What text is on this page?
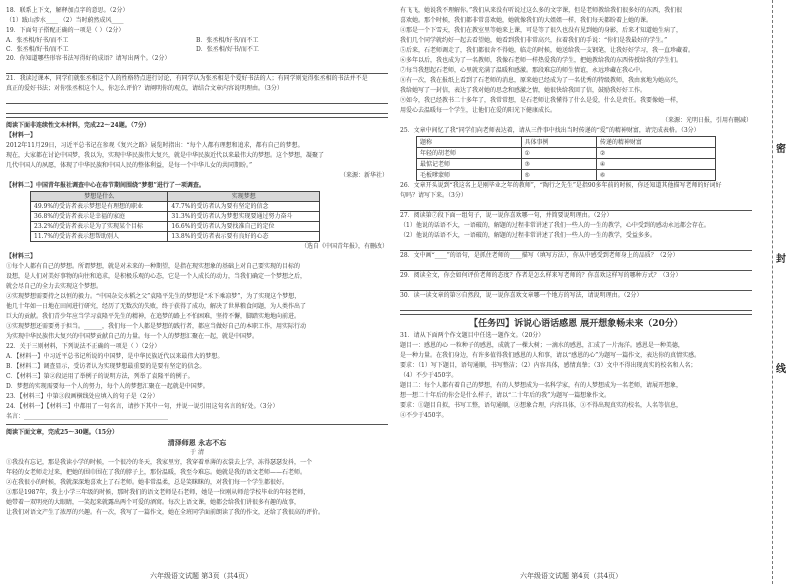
18．联系上下文，解释加点字的意思。（2分）

（1）跋山涉水____ （2）当时蔚然成风____

19．下面句子搭配正确的一项是（ ）（2分）

A．张丞相/好书/而不工	B．张丞相/好书/而不工
C．张丞相/好书/而不工	D．张丞相/好书/而不工

20．你知道哪些形容书法写得好的成语？请写出两个。（2分）

21．我读过课本，同学们就张丞相这个人的性格特点进行讨论，有同学认为张丞相是个爱好书法的人；有同学则觉得张丞相的书法并不是

真正的爱好书法；对你张丞相这个人，你怎么评价？请阐明你的观点，请结合文章内容说明理由。（3分）

阅读下面非连续性文本材料，完成22～24题。（7分）

【材料一】

2012年11月29日，习近平总书记在参观《复兴之路》展览时指出：“每个人都有理想和追求，都有自己的梦想。

现在，大家都在讨论中国梦，我以为，实现中华民族伟大复兴，就是中华民族近代以来最伟大的梦想。这个梦想，凝聚了

几代中国人的夙愿，体现了中华民族和中国人民的整体利益，是每一个中华儿女的共同期盼。”

（来源：新华社）

【材料二】中国青年报社调查中心在春节期间围绕“梦想”进行了一项调查。

梦想是什么	实现梦想
49.9%的受访者表示梦想是有理想的职业	47.7%的受访者认为要有坚定的信念
36.8%的受访者表示是幸福的家庭	31.3%的受访者认为梦想实现要通过努力奋斗
23.2%的受访者表示是为了实现某个目标	16.6%的受访者认为要找准自己的定位
11.7%的受访者表示想帮助别人	13.8%的受访者表示要有良好的心态

（选自《中国青年报》，有删改）

【材料三】

①每个人都有自己的梦想。所谓梦想，就是对未来的一种期望，是指在现实想象的基础上对自己要实现的目标的

设想，是人们对美好事物的向往和追求，是积极乐观的心态，它是一个人成长的动力，当我们确定一个梦想之后，

就会尽自己的全力去实现这个梦想。

②实现梦想需要持之以恒的毅力。“中国杂交水稻之父”袁隆平先生的梦想是“禾下乘凉梦”，为了实现这个梦想，

他几十年如一日地在田间进行研究，经历了无数次的失败，终于获得了成功，解决了世界粮食问题，为人类作出了

巨大的贡献。我们青少年应当学习袁隆平先生的精神，在追梦的路上不怕困难，坚持不懈，脚踏实地地向前进。

③实现梦想还需要勇于担当。______，我们每一个人都是梦想的践行者，都应当做好自己的本职工作，用实际行动

为实现中华民族伟大复兴的中国梦贡献自己的力量。每一个人的梦想汇聚在一起，就是中国梦。

22．关于三则材料，下列说法不正确的一项是（ ）（2分）

A．【材料一】中习近平总书记所说的中国梦，是中华民族近代以来最伟大的梦想。

B．【材料二】调查显示，受访者认为实现梦想最重要的是要有坚定的信念。

C．【材料三】第②段运用了举例子的说明方法，列举了袁隆平的例子。

D．梦想的实现需要每一个人的努力，每个人的梦想汇聚在一起就是中国梦。

23．【材料三】中第③段画横线处应填入的句子是（2分）

24．【材料一】【材料三】中都用了一句名言，请抄下其中一句，并说一说引用这句名言的好处。（3分）

名言：________________________________________________

阅读下面文章，完成25～30题。（15分）

清泽师恩 永志不忘

于 清

①我没有忘记，那是我读小学的时候，一个很冷的冬天，我家里穷，我穿着单薄的衣裳去上学，冻得瑟瑟发抖，一个

年轻的女老师走过来，把她的围巾围在了我的脖子上，那份温暖，我至今难忘。她就是我的语文老师——石老师。

②在我很小的时候，我就深深地喜欢上了石老师。她非常温柔，总是笑眯眯的，对我们每一个学生都很好。

③那是1987年，我上小学三年级的时候，那时我们的语文老师是石老师，她是一位刚从师范学校毕业的年轻老师，

她带着一双明亮的大眼睛，一笑起来就露出两个可爱的酒窝。每次上语文课，她都会给我们讲很多有趣的故事，

让我们对语文产生了浓厚的兴趣。有一次，我写了一篇作文，她在全班同学面前朗读了我的作文，还给了我很高的评价。

有飞飞，她说我不理解你。”我们从来没有听说过这么多的文字课，但是老师教给我们很多好的东西，我们很

喜欢她。那个时候，我们都非常喜欢她，她就像我们的大姐姐一样，我们每天都盼着上她的课。

④那是一个下雪天，我们在教室里等她来上课，可是等了很久也没有见到她的身影，后来才知道她生病了，

我们几个同学就约好一起去看望她，她看到我们非常高兴，拉着我们的手说：“你们是我最好的学生。”

⑤后来，石老师调走了，我们都很舍不得她，临走的时候，她送给我一支钢笔，让我好好学习，我一直珍藏着。

⑥多年以后，我也成为了一名教师，我像石老师一样热爱我的学生，把她教给我的东西传授给我的学生们。

⑦每当我想起石老师，心里就充满了温暖和感激。那段难忘的师生情谊，永远珍藏在我心中。

⑧有一次，我在报纸上看到了石老师的消息，原来她已经成为了一名优秀的特级教师，我由衷地为她高兴，

我给她写了一封信，表达了我对她的思念和感激之情，她很快给我回了信，鼓励我好好工作。

⑨如今，我已经教书二十多年了，我常常想，是石老师让我懂得了什么是爱，什么是责任。我要像她一样，

用爱心去温暖每一个学生，让他们在爱的阳光下健康成长。

（来源：光明日报，引用有删减）

25．文章中间忆了我“同学们向老师表达着，请从三件事中找出当时传递的“爱”的精神财富，请完成表格。（3分）

题称	具体事例	传递的精神财富
年轻的胡老师	①	②
最惦记老师	③	④
毛板嗲蒙师	⑤	⑥

26．文章开头说到“我这名上是刚毕业之年的教师”，“陶行之先生”是指90多年前的时候，你还知道其他描写老师的好词好

句吗？请写下来。（3分）

27．阅读第⑦段下面一组句子，说一说你喜欢哪一句，并简要说明理由。（2分）

（1）他说的话语不大，一语破的，解题的过程非常讲述了我们一些人的一生的教学，心中受到的感动永远都会存在。

（2）他说的话语不大，一语破的，解题的过程非常讲述了我们一些人的一生的教学，受益多多。

28．文中画“____”的语句，是抓住老师的____描写（填写方法），你从中感受到老师身上的品质？（2分）

29．阅读全文，你会如何评价老师的态度？作者是怎么样来写老师的？你喜欢这样写的哪种方式？（3分）

30．读一读文章的第⑨自然段，说一说你喜欢文章哪一个地方的写法，请说明理由。（2分）

【任务四】诉说心语话感恩 展开想象畅未来（20分）

31．请从下面两个作文题目中任选一题作文。（20分）

题目一：感恩的心 一粒种子的感恩，成就了一棵大树；一滴水的感恩，汇成了一片海洋。感恩是一种美德，

是一种力量。在我们身边，有许多值得我们感恩的人和事，请以“感恩的心”为题写一篇作文，表达你的真情实感。

要求：（1）写下题目，语句通顺，书写整洁；（2）内容具体，感情真挚；（3）文中不得出现真实的校名和人名；

（4）不少于450字。

题目二：每个人都有着自己的梦想，有的人梦想成为一名科学家，有的人梦想成为一名老师，请展开想象，

想一想二十年后的你会是什么样子，请以“二十年后的我”为题写一篇想象作文。

要求：①题目自拟，书写工整，语句通顺，②想象合理，内容具体，③不得出现真实的校名，人名等信息，

④不少于450字。

六年级语文试题 第3页（共4页）	六年级语文试题 第4页（共4页）
密
封
线
